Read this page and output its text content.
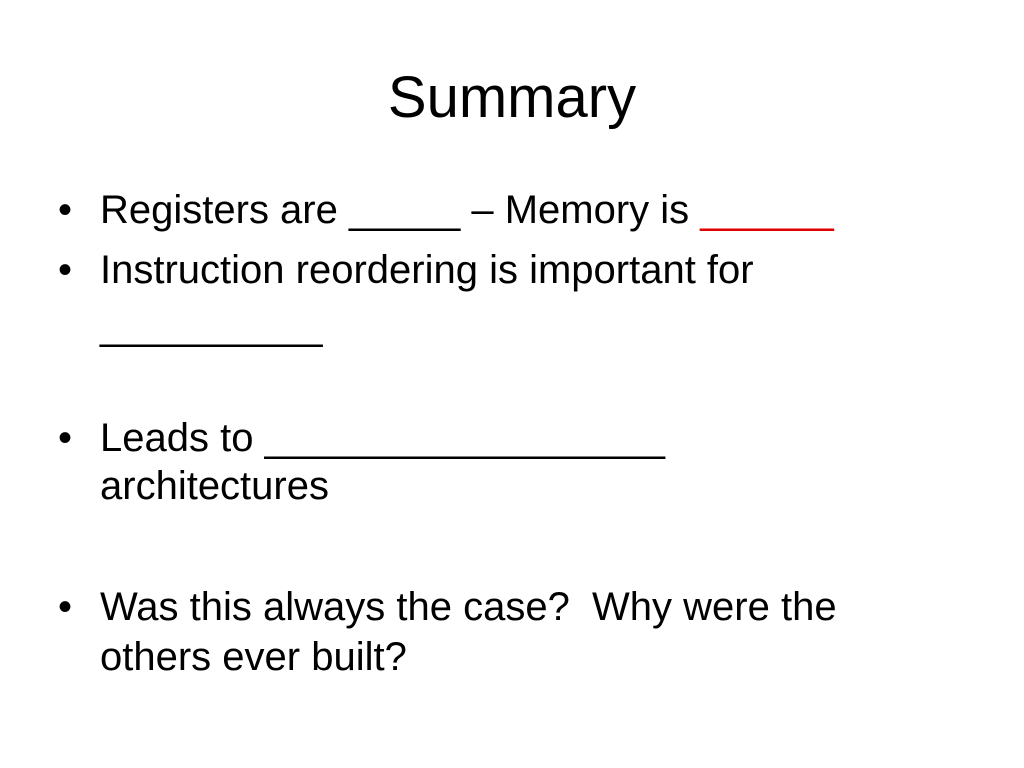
Summary
• Registers are _____ – Memory is ______
• Instruction reordering is important for
__________
• Leads to __________________
architectures
• Was this always the case?  Why were the
others ever built?
